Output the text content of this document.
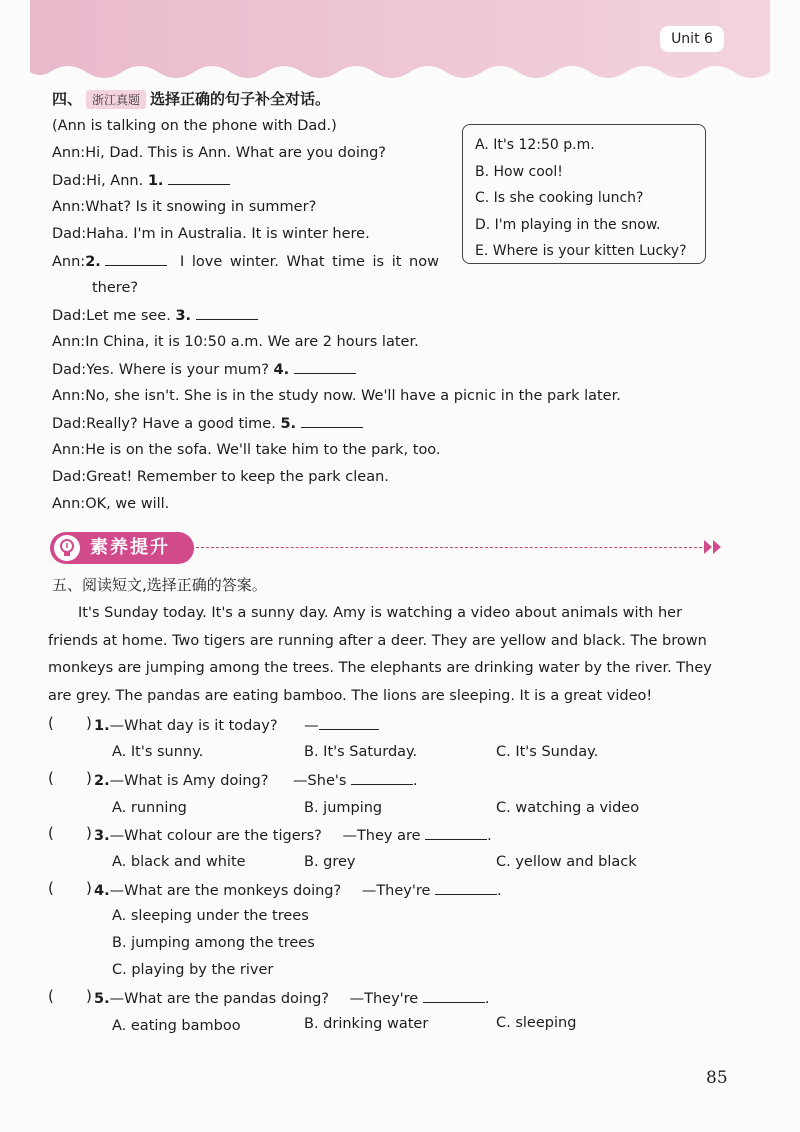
Unit 6
四、 浙江真题 选择正确的句子补全对话。
(Ann is talking on the phone with Dad.)
Ann:Hi, Dad. This is Ann. What are you doing?
Dad:Hi, Ann. 1.
Ann:What? Is it snowing in summer?
Dad:Haha. I'm in Australia. It is winter here.
Ann:2.	I love winter. What time is it now
there?
Dad:Let me see. 3.
Ann:In China, it is 10:50 a.m. We are 2 hours later.
Dad:Yes. Where is your mum? 4.
Ann:No, she isn't. She is in the study now. We'll have a picnic in the park later.
Dad:Really? Have a good time. 5.
Ann:He is on the sofa. We'll take him to the park, too.
Dad:Great! Remember to keep the park clean.
Ann:OK, we will.
A. It's 12:50 p.m.
B. How cool!
C. Is she cooking lunch?
D. I'm playing in the snow.
E. Where is your kitten Lucky?
素养提升
五、阅读短文,选择正确的答案。
It's Sunday today. It's a sunny day. Amy is watching a video about animals with her friends at home. Two tigers are running after a deer. They are yellow and black. The brown monkeys are jumping among the trees. The elephants are drinking water by the river. They are grey. The pandas are eating bamboo. The lions are sleeping. It is a great video!
( ) 1.—What day is it today? —
A. It's sunny.	B. It's Saturday.	C. It's Sunday.
( ) 2.—What is Amy doing? —She's	.
A. running	B. jumping	C. watching a video
( ) 3.—What colour are the tigers? —They are	.
A. black and white	B. grey	C. yellow and black
( ) 4.—What are the monkeys doing? —They're	.
A. sleeping under the trees
B. jumping among the trees
C. playing by the river
( ) 5.—What are the pandas doing? —They're	.
A. eating bamboo	B. drinking water	C. sleeping
85
